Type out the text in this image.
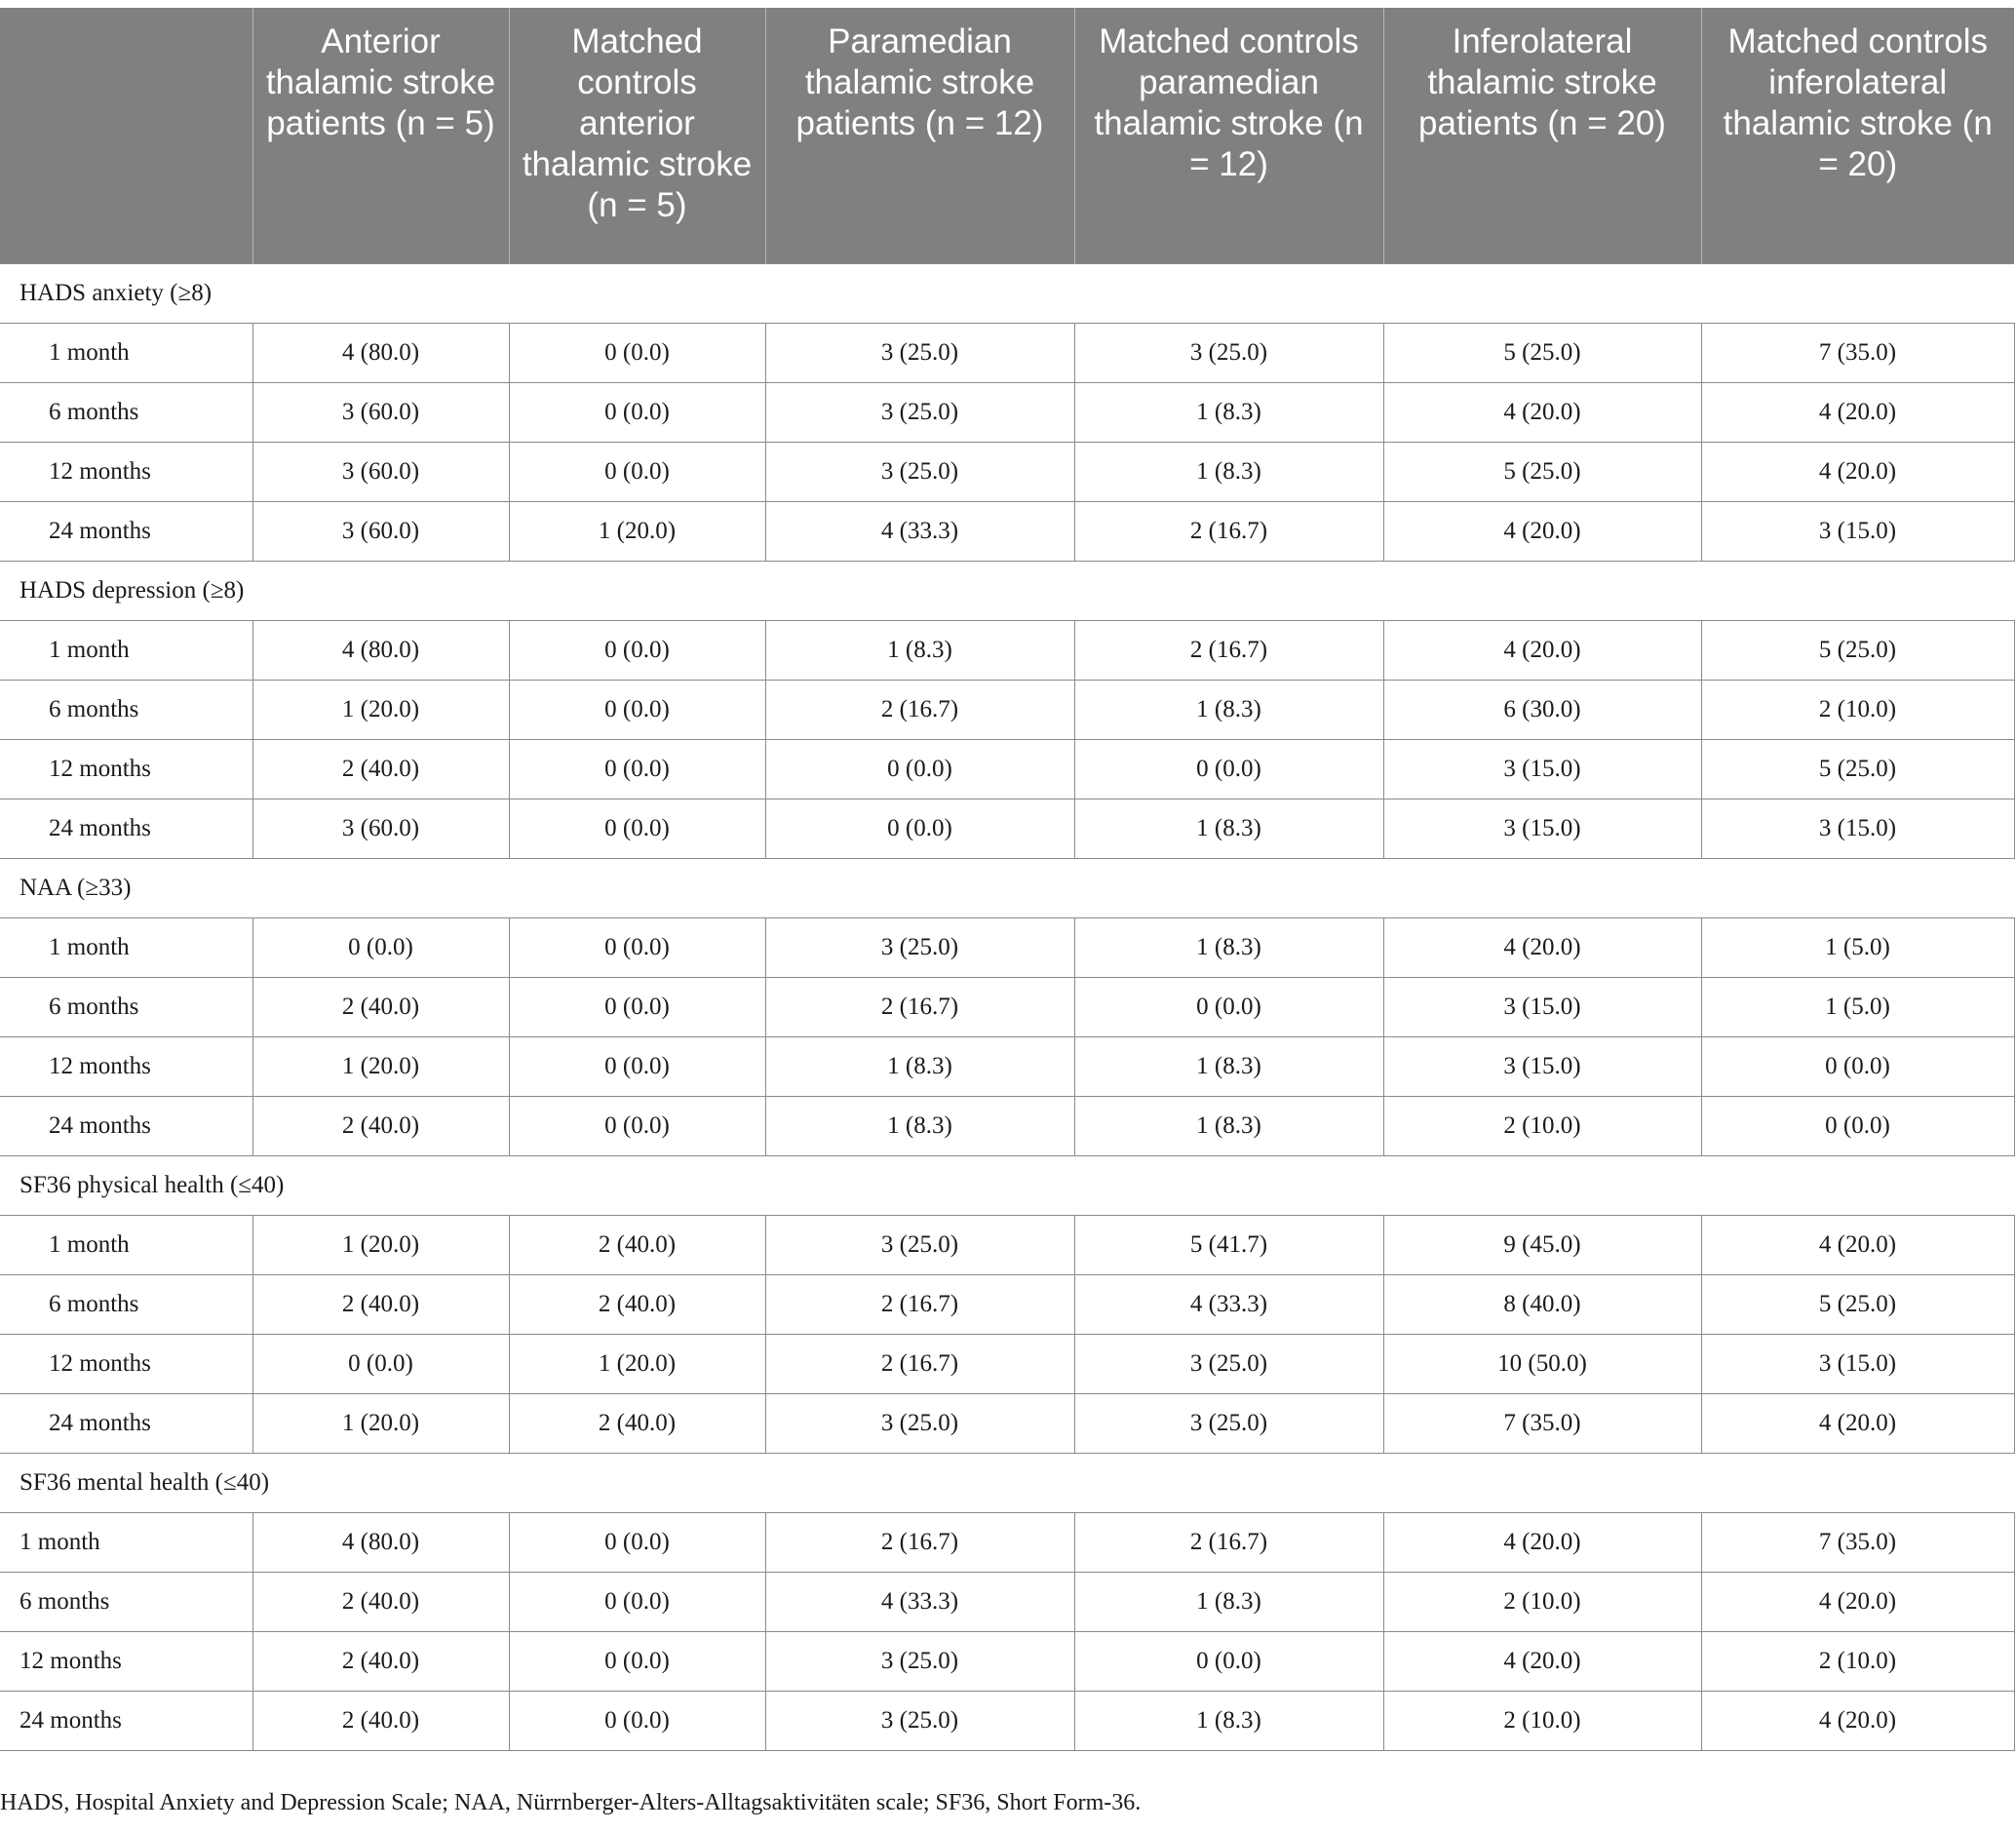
	Anterior thalamic stroke patients (n = 5)	Matched controls anterior thalamic stroke (n = 5)	Paramedian thalamic stroke patients (n = 12)	Matched controls paramedian thalamic stroke (n = 12)	Inferolateral thalamic stroke patients (n = 20)	Matched controls inferolateral thalamic stroke (n = 20)
HADS anxiety (≥8)						
1 month	4 (80.0)	0 (0.0)	3 (25.0)	3 (25.0)	5 (25.0)	7 (35.0)
6 months	3 (60.0)	0 (0.0)	3 (25.0)	1 (8.3)	4 (20.0)	4 (20.0)
12 months	3 (60.0)	0 (0.0)	3 (25.0)	1 (8.3)	5 (25.0)	4 (20.0)
24 months	3 (60.0)	1 (20.0)	4 (33.3)	2 (16.7)	4 (20.0)	3 (15.0)
HADS depression (≥8)						
1 month	4 (80.0)	0 (0.0)	1 (8.3)	2 (16.7)	4 (20.0)	5 (25.0)
6 months	1 (20.0)	0 (0.0)	2 (16.7)	1 (8.3)	6 (30.0)	2 (10.0)
12 months	2 (40.0)	0 (0.0)	0 (0.0)	0 (0.0)	3 (15.0)	5 (25.0)
24 months	3 (60.0)	0 (0.0)	0 (0.0)	1 (8.3)	3 (15.0)	3 (15.0)
NAA (≥33)						
1 month	0 (0.0)	0 (0.0)	3 (25.0)	1 (8.3)	4 (20.0)	1 (5.0)
6 months	2 (40.0)	0 (0.0)	2 (16.7)	0 (0.0)	3 (15.0)	1 (5.0)
12 months	1 (20.0)	0 (0.0)	1 (8.3)	1 (8.3)	3 (15.0)	0 (0.0)
24 months	2 (40.0)	0 (0.0)	1 (8.3)	1 (8.3)	2 (10.0)	0 (0.0)
SF36 physical health (≤40)						
1 month	1 (20.0)	2 (40.0)	3 (25.0)	5 (41.7)	9 (45.0)	4 (20.0)
6 months	2 (40.0)	2 (40.0)	2 (16.7)	4 (33.3)	8 (40.0)	5 (25.0)
12 months	0 (0.0)	1 (20.0)	2 (16.7)	3 (25.0)	10 (50.0)	3 (15.0)
24 months	1 (20.0)	2 (40.0)	3 (25.0)	3 (25.0)	7 (35.0)	4 (20.0)
SF36 mental health (≤40)						
1 month	4 (80.0)	0 (0.0)	2 (16.7)	2 (16.7)	4 (20.0)	7 (35.0)
6 months	2 (40.0)	0 (0.0)	4 (33.3)	1 (8.3)	2 (10.0)	4 (20.0)
12 months	2 (40.0)	0 (0.0)	3 (25.0)	0 (0.0)	4 (20.0)	2 (10.0)
24 months	2 (40.0)	0 (0.0)	3 (25.0)	1 (8.3)	2 (10.0)	4 (20.0)
HADS, Hospital Anxiety and Depression Scale; NAA, Nürrnberger-Alters-Alltagsaktivitäten scale; SF36, Short Form-36.
